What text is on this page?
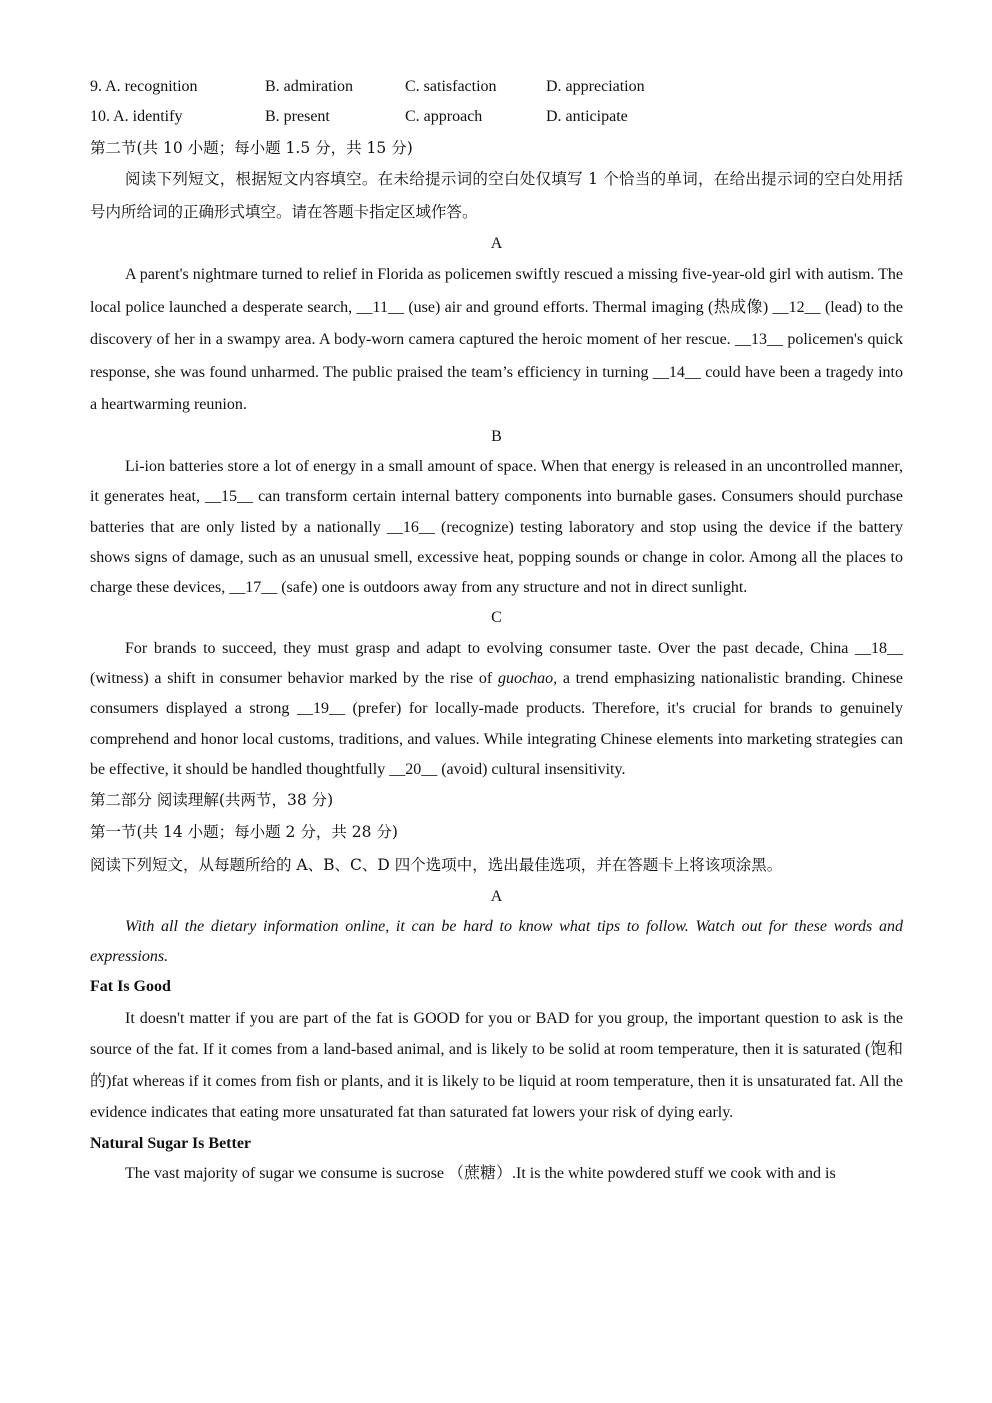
9. A. recognition	B. admiration	C. satisfaction	D. appreciation
10. A. identify	B. present	C. approach	D. anticipate
第二节(共 10 小题；每小题 1.5 分，共 15 分)

阅读下列短文，根据短文内容填空。在未给提示词的空白处仅填写 1 个恰当的单词，在给出提示词的空白处用括号内所给词的正确形式填空。请在答题卡指定区域作答。

A

A parent's nightmare turned to relief in Florida as policemen swiftly rescued a missing five-year-old girl with autism. The local police launched a desperate search, __11__ (use) air and ground efforts. Thermal imaging (热成像) __12__ (lead) to the discovery of her in a swampy area. A body-worn camera captured the heroic moment of her rescue. __13__ policemen's quick response, she was found unharmed. The public praised the team’s efficiency in turning __14__ could have been a tragedy into a heartwarming reunion.

B

Li-ion batteries store a lot of energy in a small amount of space. When that energy is released in an uncontrolled manner, it generates heat, __15__ can transform certain internal battery components into burnable gases. Consumers should purchase batteries that are only listed by a nationally __16__ (recognize) testing laboratory and stop using the device if the battery shows signs of damage, such as an unusual smell, excessive heat, popping sounds or change in color. Among all the places to charge these devices, __17__ (safe) one is outdoors away from any structure and not in direct sunlight.

C

For brands to succeed, they must grasp and adapt to evolving consumer taste. Over the past decade, China __18__ (witness) a shift in consumer behavior marked by the rise of guochao, a trend emphasizing nationalistic branding. Chinese consumers displayed a strong __19__ (prefer) for locally-made products. Therefore, it's crucial for brands to genuinely comprehend and honor local customs, traditions, and values. While integrating Chinese elements into marketing strategies can be effective, it should be handled thoughtfully __20__ (avoid) cultural insensitivity.

第二部分 阅读理解(共两节，38 分)
第一节(共 14 小题；每小题 2 分，共 28 分)
阅读下列短文，从每题所给的 A、B、C、D 四个选项中，选出最佳选项，并在答题卡上将该项涂黑。
A

With all the dietary information online, it can be hard to know what tips to follow. Watch out for these words and expressions.

Fat Is Good

It doesn't matter if you are part of the fat is GOOD for you or BAD for you group, the important question to ask is the source of the fat. If it comes from a land-based animal, and is likely to be solid at room temperature, then it is saturated (饱和的)fat whereas if it comes from fish or plants, and it is likely to be liquid at room temperature, then it is unsaturated fat. All the evidence indicates that eating more unsaturated fat than saturated fat lowers your risk of dying early.

Natural Sugar Is Better

The vast majority of sugar we consume is sucrose （蔗糖）.It is the white powdered stuff we cook with and is
